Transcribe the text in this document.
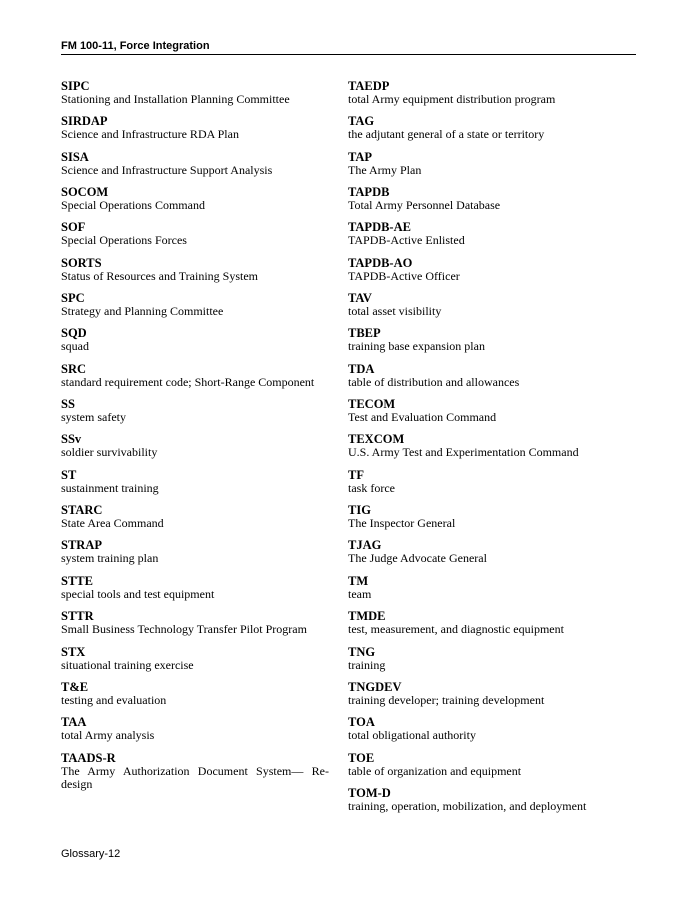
FM 100-11, Force Integration
SIPC
Stationing and Installation Planning Committee
SIRDAP
Science and Infrastructure RDA Plan
SISA
Science and Infrastructure Support Analysis
SOCOM
Special Operations Command
SOF
Special Operations Forces
SORTS
Status of Resources and Training System
SPC
Strategy and Planning Committee
SQD
squad
SRC
standard requirement code; Short-Range Component
SS
system safety
SSv
soldier survivability
ST
sustainment training
STARC
State Area Command
STRAP
system training plan
STTE
special tools and test equipment
STTR
Small Business Technology Transfer Pilot Program
STX
situational training exercise
T&E
testing and evaluation
TAA
total Army analysis
TAADS-R
The Army Authorization Document System— Re-design
TAEDP
total Army equipment distribution program
TAG
the adjutant general of a state or territory
TAP
The Army Plan
TAPDB
Total Army Personnel Database
TAPDB-AE
TAPDB-Active Enlisted
TAPDB-AO
TAPDB-Active Officer
TAV
total asset visibility
TBEP
training base expansion plan
TDA
table of distribution and allowances
TECOM
Test and Evaluation Command
TEXCOM
U.S. Army Test and Experimentation Command
TF
task force
TIG
The Inspector General
TJAG
The Judge Advocate General
TM
team
TMDE
test, measurement, and diagnostic equipment
TNG
training
TNGDEV
training developer; training development
TOA
total obligational authority
TOE
table of organization and equipment
TOM-D
training, operation, mobilization, and deployment
Glossary-12
